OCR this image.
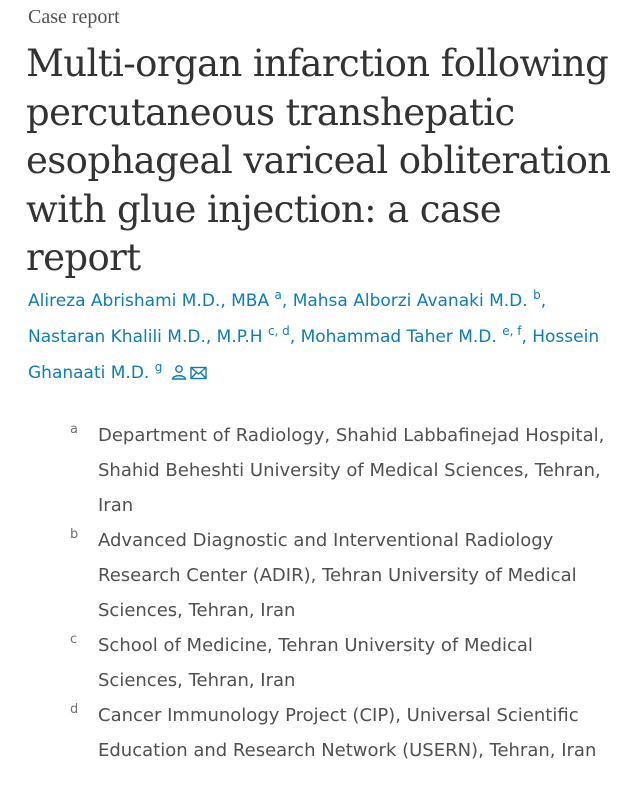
Case report
Multi-organ infarction following percutaneous transhepatic esophageal variceal obliteration with glue injection: a case report
Alireza Abrishami M.D., MBA $^a$, Mahsa Alborzi Avanaki M.D. $^b$, Nastaran Khalili M.D., M.P.H $^{c, d}$, Mohammad Taher M.D. $^{e, f}$, Hossein Ghanaati M.D. $^g$
a Department of Radiology, Shahid Labbafinejad Hospital, Shahid Beheshti University of Medical Sciences, Tehran, Iran
b Advanced Diagnostic and Interventional Radiology Research Center (ADIR), Tehran University of Medical Sciences, Tehran, Iran
c School of Medicine, Tehran University of Medical Sciences, Tehran, Iran
d Cancer Immunology Project (CIP), Universal Scientific Education and Research Network (USERN), Tehran, Iran
